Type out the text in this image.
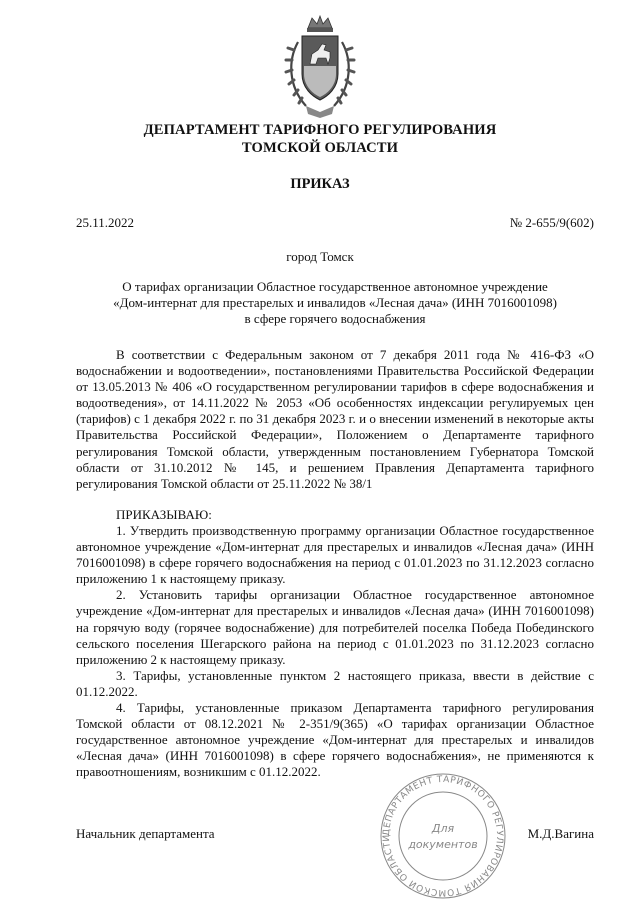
ДЕПАРТАМЕНТ ТАРИФНОГО РЕГУЛИРОВАНИЯ
ТОМСКОЙ ОБЛАСТИ
ПРИКАЗ
25.11.2022	№ 2-655/9(602)
город Томск
О тарифах организации Областное государственное автономное учреждение
«Дом-интернат для престарелых и инвалидов «Лесная дача» (ИНН 7016001098)
в сфере горячего водоснабжения

В соответствии с Федеральным законом от 7 декабря 2011 года № 416-ФЗ «О водоснабжении и водоотведении», постановлениями Правительства Российской Федерации от 13.05.2013 № 406 «О государственном регулировании тарифов в сфере водоснабжения и водоотведения», от 14.11.2022 № 2053 «Об особенностях индексации регулируемых цен (тарифов) с 1 декабря 2022 г. по 31 декабря 2023 г. и о внесении изменений в некоторые акты Правительства Российской Федерации», Положением о Департаменте тарифного регулирования Томской области, утвержденным постановлением Губернатора Томской области от 31.10.2012 № 145, и решением Правления Департамента тарифного регулирования Томской области от 25.11.2022 № 38/1

ПРИКАЗЫВАЮ:

1. Утвердить производственную программу организации Областное государственное автономное учреждение «Дом-интернат для престарелых и инвалидов «Лесная дача» (ИНН 7016001098) в сфере горячего водоснабжения на период с 01.01.2023 по 31.12.2023 согласно приложению 1 к настоящему приказу.

2. Установить тарифы организации Областное государственное автономное учреждение «Дом-интернат для престарелых и инвалидов «Лесная дача» (ИНН 7016001098) на горячую воду (горячее водоснабжение) для потребителей поселка Победа Побединского сельского поселения Шегарского района на период с 01.01.2023 по 31.12.2023 согласно приложению 2 к настоящему приказу.

3. Тарифы, установленные пунктом 2 настоящего приказа, ввести в действие с 01.12.2022.

4. Тарифы, установленные приказом Департамента тарифного регулирования Томской области от 08.12.2021 № 2-351/9(365) «О тарифах организации Областное государственное автономное учреждение «Дом-интернат для престарелых и инвалидов «Лесная дача» (ИНН 7016001098) в сфере горячего водоснабжения», не применяются к правоотношениям, возникшим с 01.12.2022.

Начальник департамента	М.Д.Вагина
ДЕПАРТАМЕНТ ТАРИФНОГО РЕГУЛИРОВАНИЯ ТОМСКОЙ ОБЛАСТИ
Для
документов
